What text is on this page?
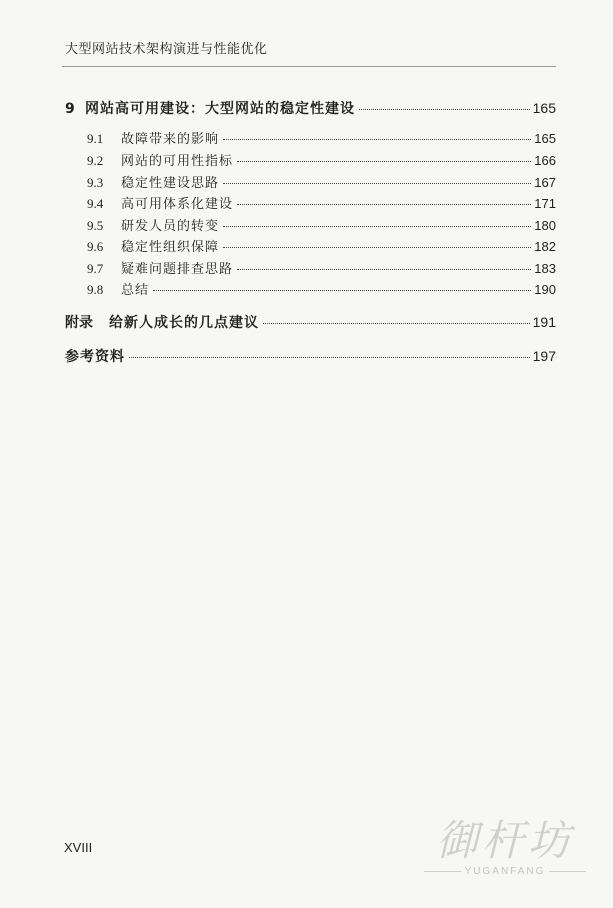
大型网站技术架构演进与性能优化
9 网站高可用建设：大型网站的稳定性建设	165
9.1	故障带来的影响	165
9.2	网站的可用性指标	166
9.3	稳定性建设思路	167
9.4	高可用体系化建设	171
9.5	研发人员的转变	180
9.6	稳定性组织保障	182
9.7	疑难问题排查思路	183
9.8	总结	190
附录	给新人成长的几点建议	191
参考资料	197
XVIII	御杆坊
YUGANFANG
